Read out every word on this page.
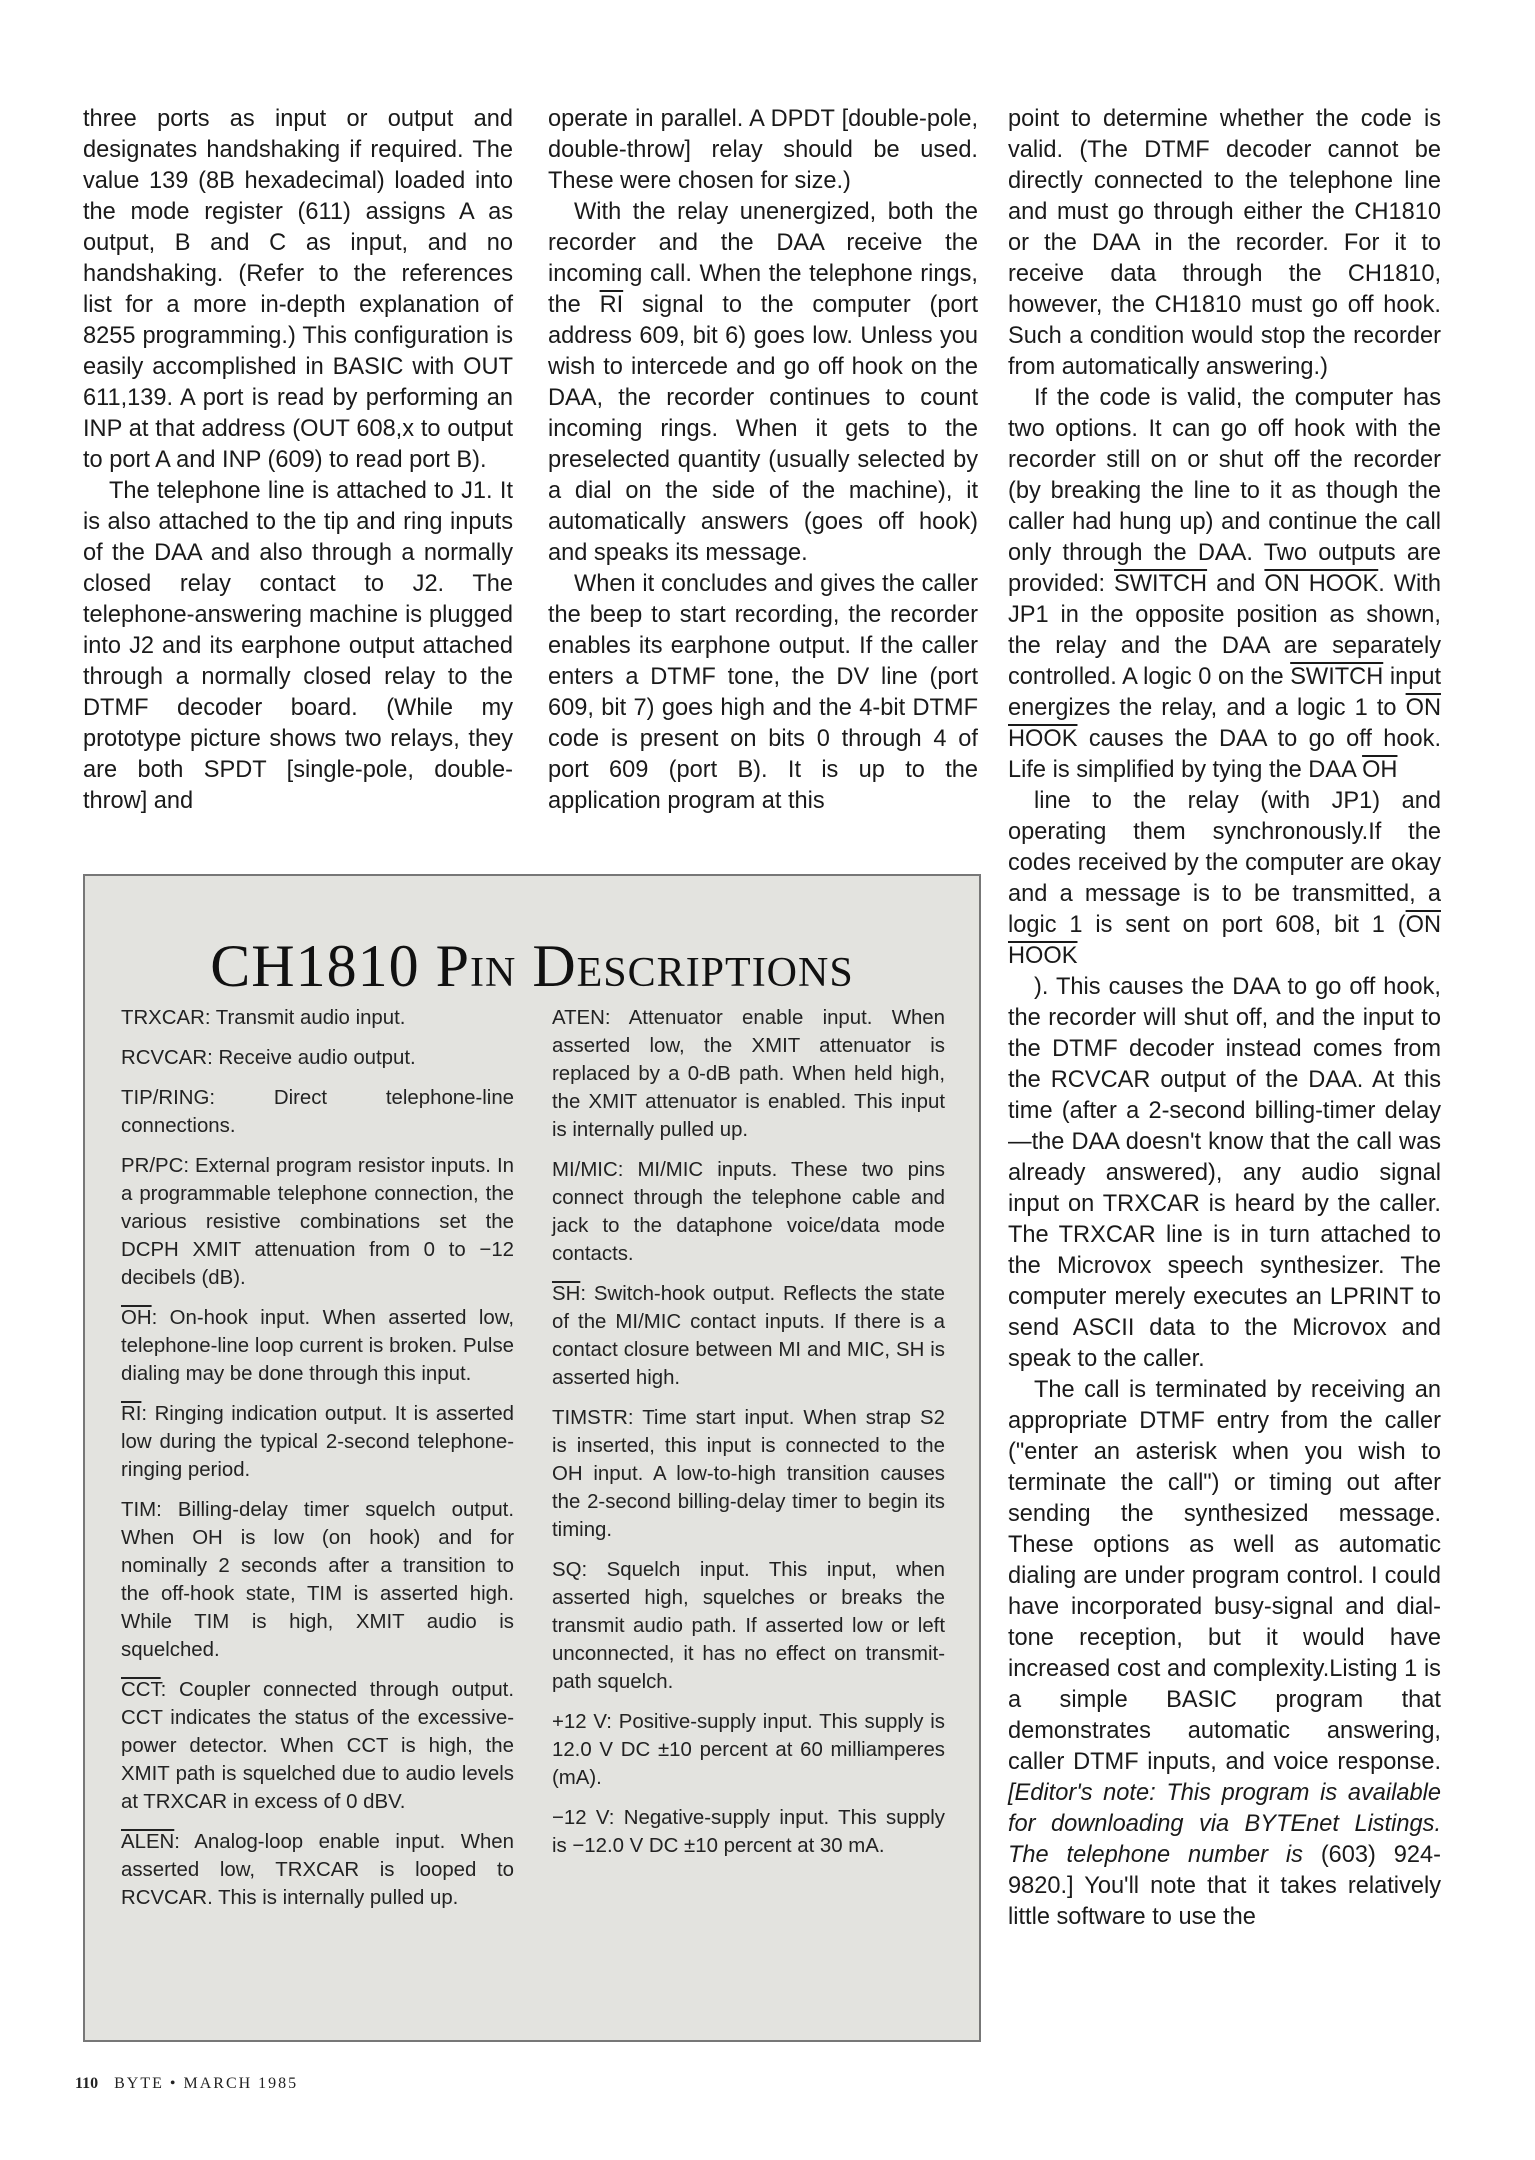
three ports as input or output and designates handshaking if required. The value 139 (8B hexadecimal) loaded into the mode register (611) assigns A as output, B and C as input, and no handshaking. (Refer to the references list for a more in-depth explanation of 8255 programming.) This configuration is easily accomplished in BASIC with OUT 611,139. A port is read by performing an INP at that address (OUT 608,x to output to port A and INP (609) to read port B).

The telephone line is attached to J1. It is also attached to the tip and ring inputs of the DAA and also through a normally closed relay contact to J2. The telephone-answering machine is plugged into J2 and its earphone output attached through a normally closed relay to the DTMF decoder board. (While my prototype picture shows two relays, they are both SPDT [single-pole, double-throw] and

operate in parallel. A DPDT [double-pole, double-throw] relay should be used. These were chosen for size.)

With the relay unenergized, both the recorder and the DAA receive the incoming call. When the telephone rings, the $\overline{RI}$ signal to the computer (port address 609, bit 6) goes low. Unless you wish to intercede and go off hook on the DAA, the recorder continues to count incoming rings. When it gets to the preselected quantity (usually selected by a dial on the side of the machine), it automatically answers (goes off hook) and speaks its message.

When it concludes and gives the caller the beep to start recording, the recorder enables its earphone output. If the caller enters a DTMF tone, the DV line (port 609, bit 7) goes high and the 4-bit DTMF code is present on bits 0 through 4 of port 609 (port B). It is up to the application program at this

point to determine whether the code is valid. (The DTMF decoder cannot be directly connected to the telephone line and must go through either the CH1810 or the DAA in the recorder. For it to receive data through the CH1810, however, the CH1810 must go off hook. Such a condition would stop the recorder from automatically answering.)

If the code is valid, the computer has two options. It can go off hook with the recorder still on or shut off the recorder (by breaking the line to it as though the caller had hung up) and continue the call only through the DAA. Two outputs are provided: SWITCH and ON HOOK. With JP1 in the opposite position as shown, the relay and the DAA are separately controlled. A logic 0 on the SWITCH input energizes the relay, and a logic 1 to ON HOOK causes the DAA to go off hook. Life is simplified by tying the DAA $\overline{OH}$

line to the relay (with JP1) and operating them synchronously.If the codes received by the computer are okay and a message is to be transmitted, a logic 1 is sent on port 608, bit 1 (ON HOOK

). This causes the DAA to go off hook, the recorder will shut off, and the input to the DTMF decoder instead comes from the RCVCAR output of the DAA. At this time (after a 2-second billing-timer delay—the DAA doesn't know that the call was already answered), any audio signal input on TRXCAR is heard by the caller. The TRXCAR line is in turn attached to the Microvox speech synthesizer. The computer merely executes an LPRINT to send ASCII data to the Microvox and speak to the caller.

The call is terminated by receiving an appropriate DTMF entry from the caller ("enter an asterisk when you wish to terminate the call") or timing out after sending the synthesized message. These options as well as automatic dialing are under program control. I could have incorporated busy-signal and dial-tone reception, but it would have increased cost and complexity.Listing 1 is a simple BASIC program that demonstrates automatic answering, caller DTMF inputs, and voice response. [Editor's note: This program is available for downloading via BYTEnet Listings. The telephone number is (603) 924-9820.] You'll note that it takes relatively little software to use the

CH1810 Pin Descriptions
TRXCAR: Transmit audio input.
RCVCAR: Receive audio output.
TIP/RING: Direct telephone-line connections.
PR/PC: External program resistor inputs. In a programmable telephone connection, the various resistive combinations set the DCPH XMIT attenuation from 0 to −12 decibels (dB).
$\overline{OH}$: On-hook input. When asserted low, telephone-line loop current is broken. Pulse dialing may be done through this input.
$\overline{RI}$: Ringing indication output. It is asserted low during the typical 2-second telephone-ringing period.
TIM: Billing-delay timer squelch output. When OH is low (on hook) and for nominally 2 seconds after a transition to the off-hook state, TIM is asserted high. While TIM is high, XMIT audio is squelched.
$\overline{CCT}$: Coupler connected through output. CCT indicates the status of the excessive-power detector. When CCT is high, the XMIT path is squelched due to audio levels at TRXCAR in excess of 0 dBV.
ALEN: Analog-loop enable input. When asserted low, TRXCAR is looped to RCVCAR. This is internally pulled up.
ATEN: Attenuator enable input. When asserted low, the XMIT attenuator is replaced by a 0-dB path. When held high, the XMIT attenuator is enabled. This input is internally pulled up.
MI/MIC: MI/MIC inputs. These two pins connect through the telephone cable and jack to the dataphone voice/data mode contacts.
$\overline{SH}$: Switch-hook output. Reflects the state of the MI/MIC contact inputs. If there is a contact closure between MI and MIC, SH is asserted high.
TIMSTR: Time start input. When strap S2 is inserted, this input is connected to the OH input. A low-to-high transition causes the 2-second billing-delay timer to begin its timing.
SQ: Squelch input. This input, when asserted high, squelches or breaks the transmit audio path. If asserted low or left unconnected, it has no effect on transmit-path squelch.
+12 V: Positive-supply input. This supply is 12.0 V DC ±10 percent at 60 milliamperes (mA).
−12 V: Negative-supply input. This supply is −12.0 V DC ±10 percent at 30 mA.
110 BYTE • MARCH 1985
